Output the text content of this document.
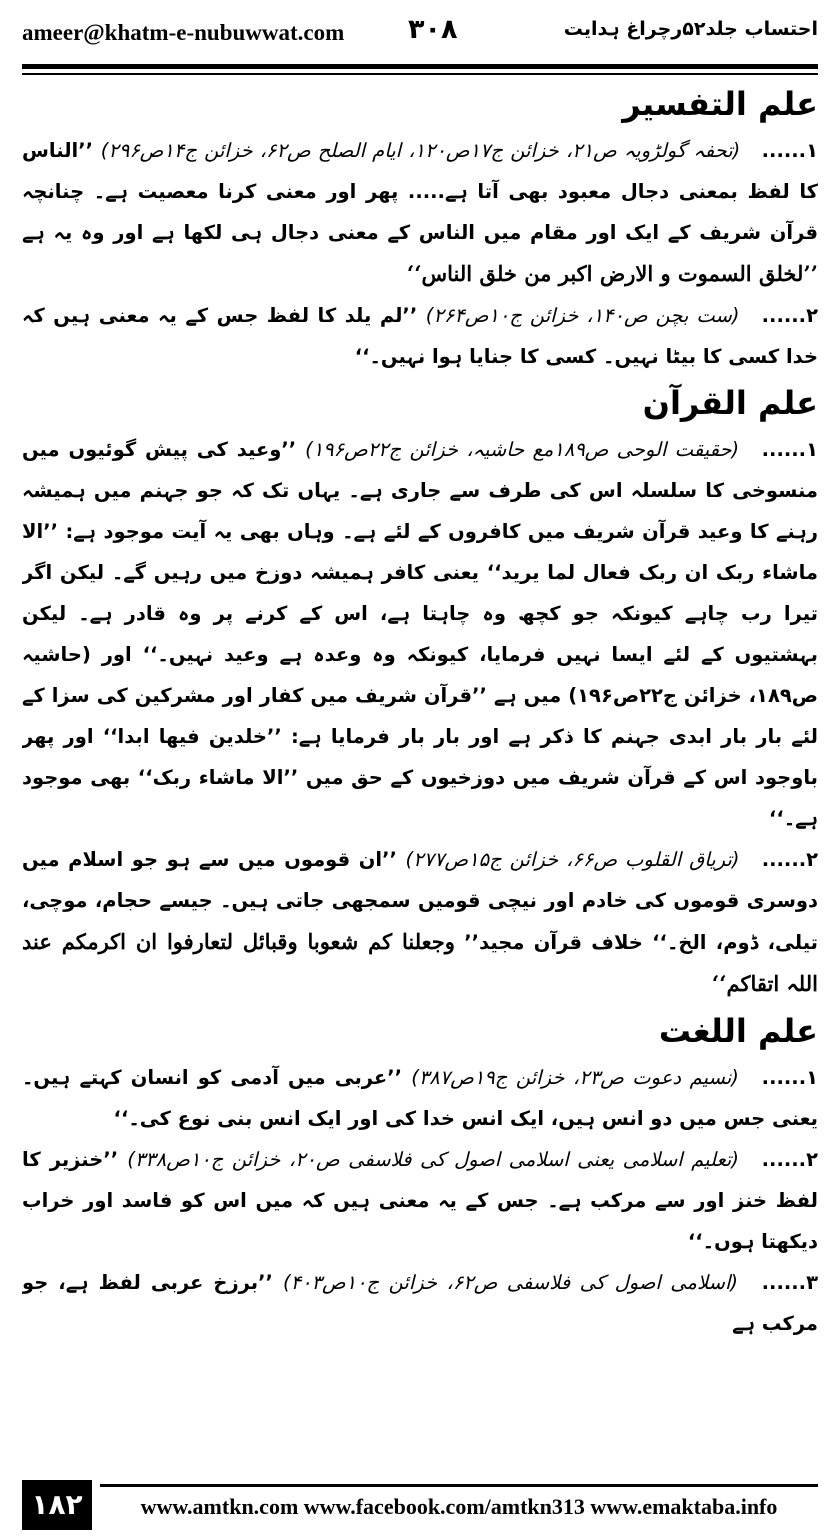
ameer@khatm-e-nubuwwat.com ۳۰۸	احتساب جلد۵۲رچراغ ہدایت
علم التفسیر

۱...... (تحفہ گولڑویہ ص۲۱، خزائن ج۱۷ص۱۲۰، ایام الصلح ص۶۲، خزائن ج۱۴ص۲۹۶) ’’الناس کا لفظ بمعنی دجال معبود بھی آتا ہے..... پھر اور معنی کرنا معصیت ہے۔ چنانچہ قرآن شریف کے ایک اور مقام میں الناس کے معنی دجال ہی لکھا ہے اور وہ یہ ہے ’’لخلق السموت و الارض اکبر من خلق الناس‘‘

۲...... (ست بچن ص۱۴۰، خزائن ج۱۰ص۲۶۴) ’’لم یلد کا لفظ جس کے یہ معنی ہیں کہ خدا کسی کا بیٹا نہیں۔ کسی کا جنایا ہوا نہیں۔‘‘

علم القرآن

۱...... (حقیقت الوحی ص۱۸۹مع حاشیہ، خزائن ج۲۲ص۱۹۶) ’’وعید کی پیش گوئیوں میں منسوخی کا سلسلہ اس کی طرف سے جاری ہے۔ یہاں تک کہ جو جہنم میں ہمیشہ رہنے کا وعید قرآن شریف میں کافروں کے لئے ہے۔ وہاں بھی یہ آیت موجود ہے: ’’الا ماشاء ربک ان ربک فعال لما یرید‘‘ یعنی کافر ہمیشہ دوزخ میں رہیں گے۔ لیکن اگر تیرا رب چاہے کیونکہ جو کچھ وہ چاہتا ہے، اس کے کرنے پر وہ قادر ہے۔ لیکن بہشتیوں کے لئے ایسا نہیں فرمایا، کیونکہ وہ وعدہ ہے وعید نہیں۔‘‘ اور (حاشیہ ص۱۸۹، خزائن ج۲۲ص۱۹۶) میں ہے ’’قرآن شریف میں کفار اور مشرکین کی سزا کے لئے بار بار ابدی جہنم کا ذکر ہے اور بار بار فرمایا ہے: ’’خلدین فیھا ابدا‘‘ اور پھر باوجود اس کے قرآن شریف میں دوزخیوں کے حق میں ’’الا ماشاء ربک‘‘ بھی موجود ہے۔‘‘

۲...... (تریاق القلوب ص۶۶، خزائن ج۱۵ص۲۷۷) ’’ان قوموں میں سے ہو جو اسلام میں دوسری قوموں کی خادم اور نیچی قومیں سمجھی جاتی ہیں۔ جیسے حجام، موچی، تیلی، ڈوم، الخ۔‘‘ خلاف قرآن مجید’’ وجعلنا کم شعوبا وقبائل لتعارفوا ان اکرمکم عند اللہ اتقاکم‘‘

علم اللغت

۱...... (نسیم دعوت ص۲۳، خزائن ج۱۹ص۳۸۷) ’’عربی میں آدمی کو انسان کہتے ہیں۔ یعنی جس میں دو انس ہیں، ایک انس خدا کی اور ایک انس بنی نوع کی۔‘‘

۲...... (تعلیم اسلامی یعنی اسلامی اصول کی فلاسفی ص۲۰، خزائن ج۱۰ص۳۳۸) ’’خنزیر کا لفظ خنز اور سے مرکب ہے۔ جس کے یہ معنی ہیں کہ میں اس کو فاسد اور خراب دیکھتا ہوں۔‘‘

۳...... (اسلامی اصول کی فلاسفی ص۶۲، خزائن ج۱۰ص۴۰۳) ’’برزخ عربی لفظ ہے، جو مرکب ہے

۱۸۲	www.amtkn.com www.facebook.com/amtkn313 www.emaktaba.info
